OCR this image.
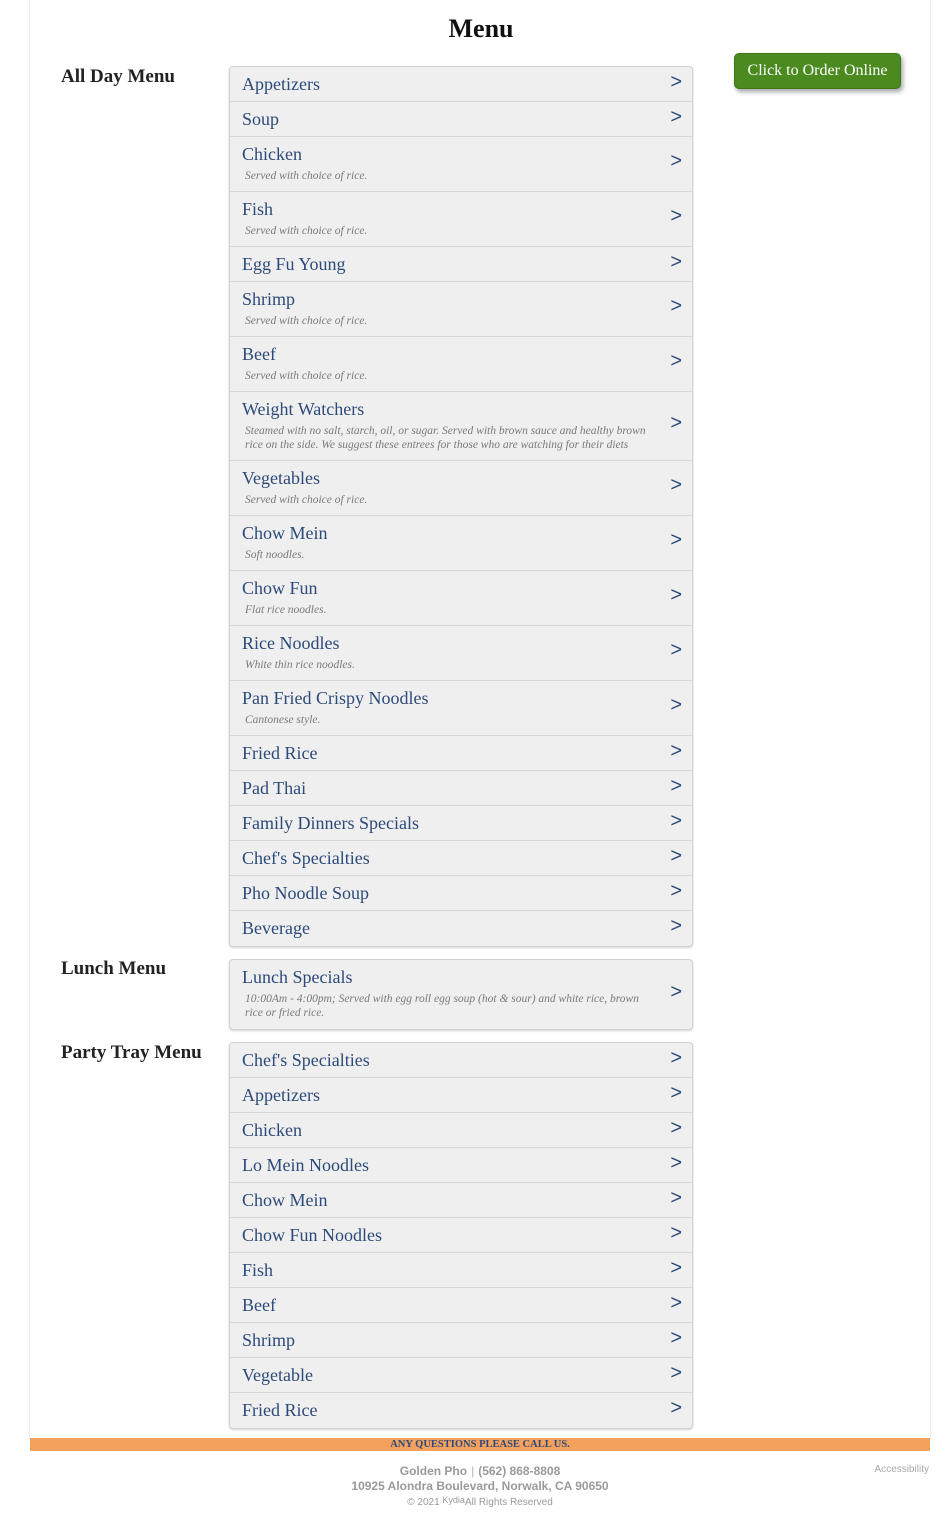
Menu
All Day Menu	Appetizers	>
Soup	>
Chicken
Served with choice of rice.
>
Fish
Served with choice of rice.
>
Egg Fu Young	>
Shrimp
Served with choice of rice.
>
Beef
Served with choice of rice.
>
Weight Watchers
Steamed with no salt, starch, oil, or sugar. Served with brown sauce and healthy brown rice on the side. We suggest these entrees for those who are watching for their diets
>
Vegetables
Served with choice of rice.
>
Chow Mein
Soft noodles.
>
Chow Fun
Flat rice noodles.
>
Rice Noodles
White thin rice noodles.
>
Pan Fried Crispy Noodles
Cantonese style.
>
Fried Rice	>
Pad Thai	>
Family Dinners Specials	>
Chef's Specialties	>
Pho Noodle Soup	>
Beverage	>
Lunch Menu	Lunch Specials
10:00Am - 4:00pm; Served with egg roll egg soup (hot & sour) and white rice, brown rice or fried rice.
>
Party Tray Menu Chef's Specialties	>
Appetizers	>
Chicken	>
Lo Mein Noodles	>
Chow Mein	>
Chow Fun Noodles	>
Fish	>
Beef	>
Shrimp	>
Vegetable	>
Fried Rice	>
Click to Order Online
ANY QUESTIONS PLEASE CALL US.
Golden Pho | (562) 868-8808
10925 Alondra Boulevard, Norwalk, CA 90650
© 2021 KydiaAll Rights Reserved
Accessibility
